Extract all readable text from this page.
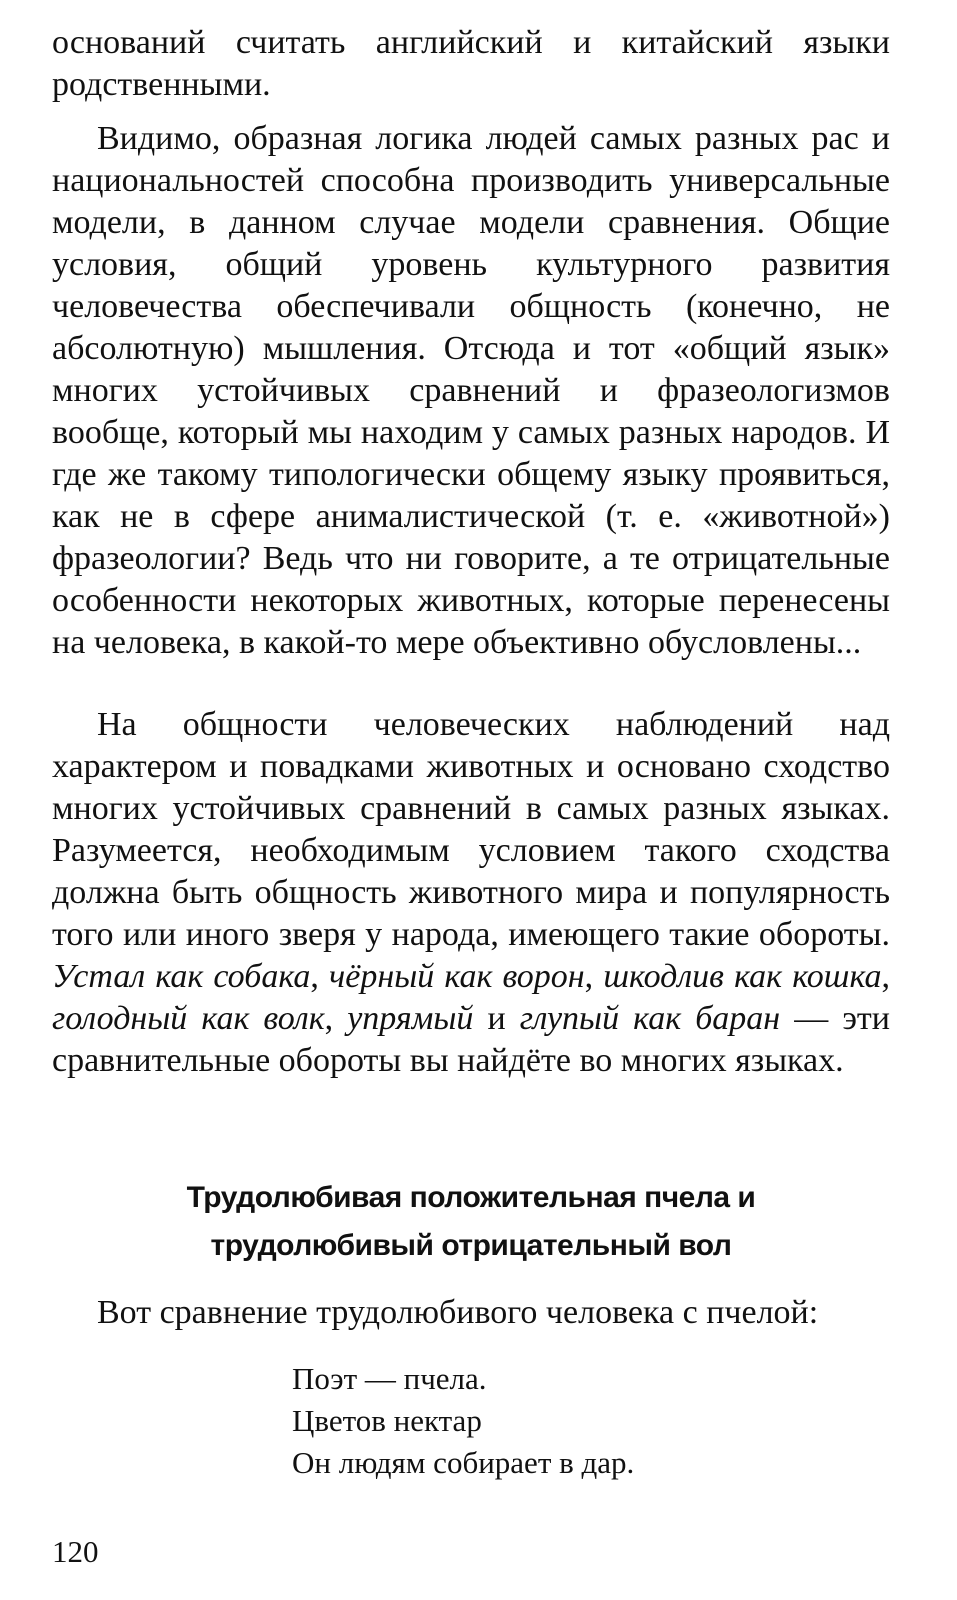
оснований считать английский и китайский языки родственными.

Видимо, образная логика людей самых разных рас и национальностей способна производить универсальные модели, в данном случае модели сравнения. Общие условия, общий уровень культурного развития человечества обеспечивали общность (конечно, не абсолютную) мышления. Отсюда и тот «общий язык» многих устойчивых сравнений и фразеологизмов вообще, который мы находим у самых разных народов. И где же такому типологически общему языку проявиться, как не в сфере анималистической (т. е. «животной») фразеологии? Ведь что ни говорите, а те отрицательные особенности некоторых животных, которые перенесены на человека, в какой-то мере объективно обусловлены...

На общности человеческих наблюдений над характером и повадками животных и основано сходство многих устойчивых сравнений в самых разных языках. Разумеется, необходимым условием такого сходства должна быть общность животного мира и популярность того или иного зверя у народа, имеющего такие обороты. Устал как собака, чёрный как ворон, шкодлив как кошка, голодный как волк, упрямый и глупый как баран — эти сравнительные обороты вы найдёте во многих языках.

Трудолюбивая положительная пчела и
трудолюбивый отрицательный вол
Вот сравнение трудолюбивого человека с пчелой:
Поэт — пчела.
Цветов нектар
Он людям собирает в дар.
120
